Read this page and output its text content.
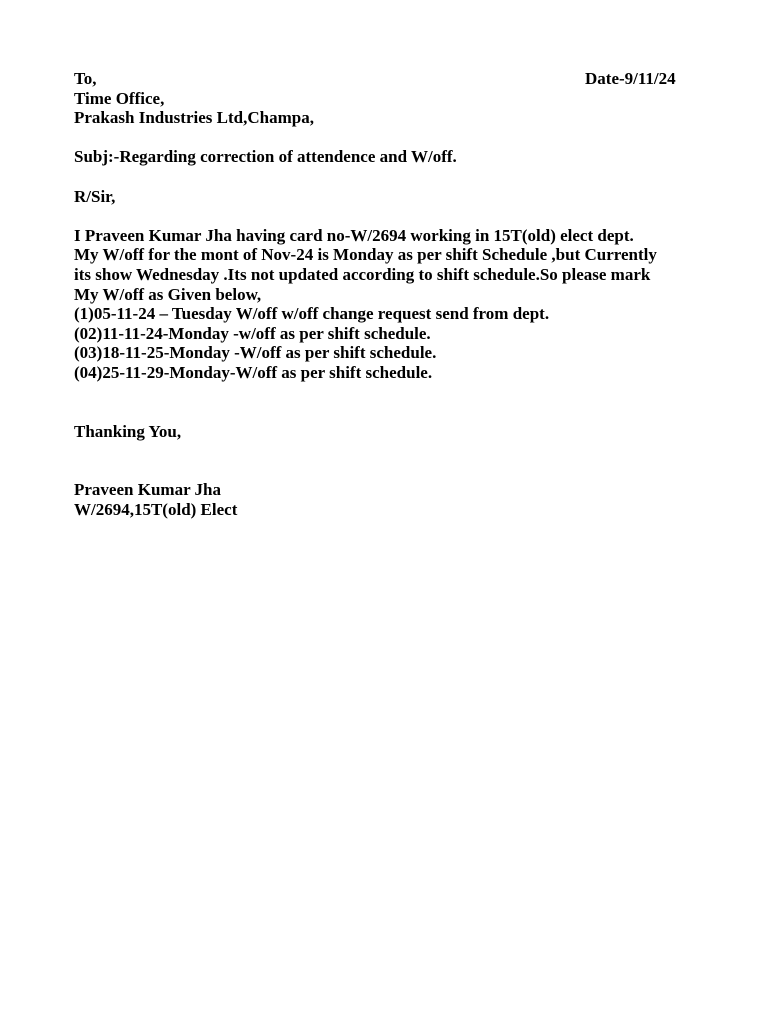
To,	Date-9/11/24
Time Office,
Prakash Industries Ltd,Champa,
Subj:-Regarding correction of attendence and W/off.
R/Sir,
I Praveen Kumar Jha having card no-W/2694 working in 15T(old) elect dept.
My W/off for the mont of Nov-24 is Monday as per shift Schedule ,but Currently
its show Wednesday .Its not updated according to shift schedule.So please mark
My W/off as Given below,
(1)05-11-24 – Tuesday W/off w/off change request send from dept.
(02)11-11-24-Monday -w/off as per shift schedule.
(03)18-11-25-Monday -W/off as per shift schedule.
(04)25-11-29-Monday-W/off as per shift schedule.
Thanking You,
Praveen Kumar Jha
W/2694,15T(old) Elect
